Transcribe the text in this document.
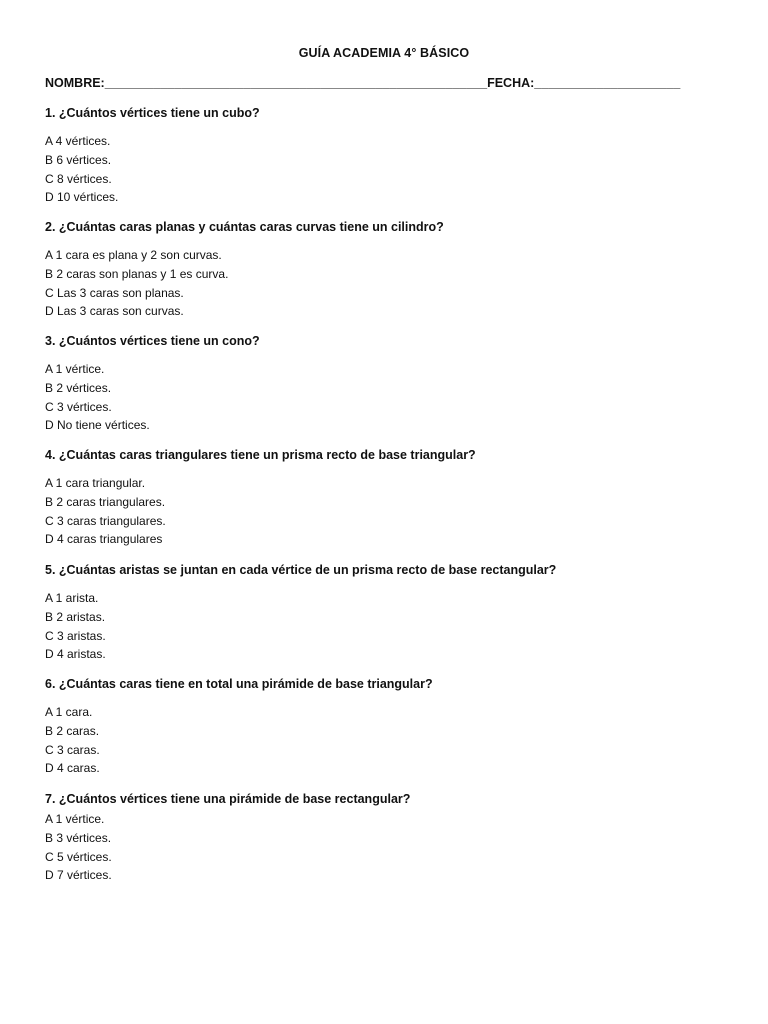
GUÍA ACADEMIA 4° BÁSICO
NOMBRE:_______________________________________________________FECHA:_____________________
1. ¿Cuántos vértices tiene un cubo?
A 4 vértices.
B 6 vértices.
C 8 vértices.
D 10 vértices.
2. ¿Cuántas caras planas y cuántas caras curvas tiene un cilindro?
A 1 cara es plana y 2 son curvas.
B 2 caras son planas y 1 es curva.
C Las 3 caras son planas.
D Las 3 caras son curvas.
3. ¿Cuántos vértices tiene un cono?
A 1 vértice.
B 2 vértices.
C 3 vértices.
D No tiene vértices.
4. ¿Cuántas caras triangulares tiene un prisma recto de base triangular?
A 1 cara triangular.
B 2 caras triangulares.
C 3 caras triangulares.
D 4 caras triangulares
5. ¿Cuántas aristas se juntan en cada vértice de un prisma recto de base rectangular?
A 1 arista.
B 2 aristas.
C 3 aristas.
D 4 aristas.
6. ¿Cuántas caras tiene en total una pirámide de base triangular?
A 1 cara.
B 2 caras.
C 3 caras.
D 4 caras.
7. ¿Cuántos vértices tiene una pirámide de base rectangular?
A 1 vértice.
B 3 vértices.
C 5 vértices.
D 7 vértices.
